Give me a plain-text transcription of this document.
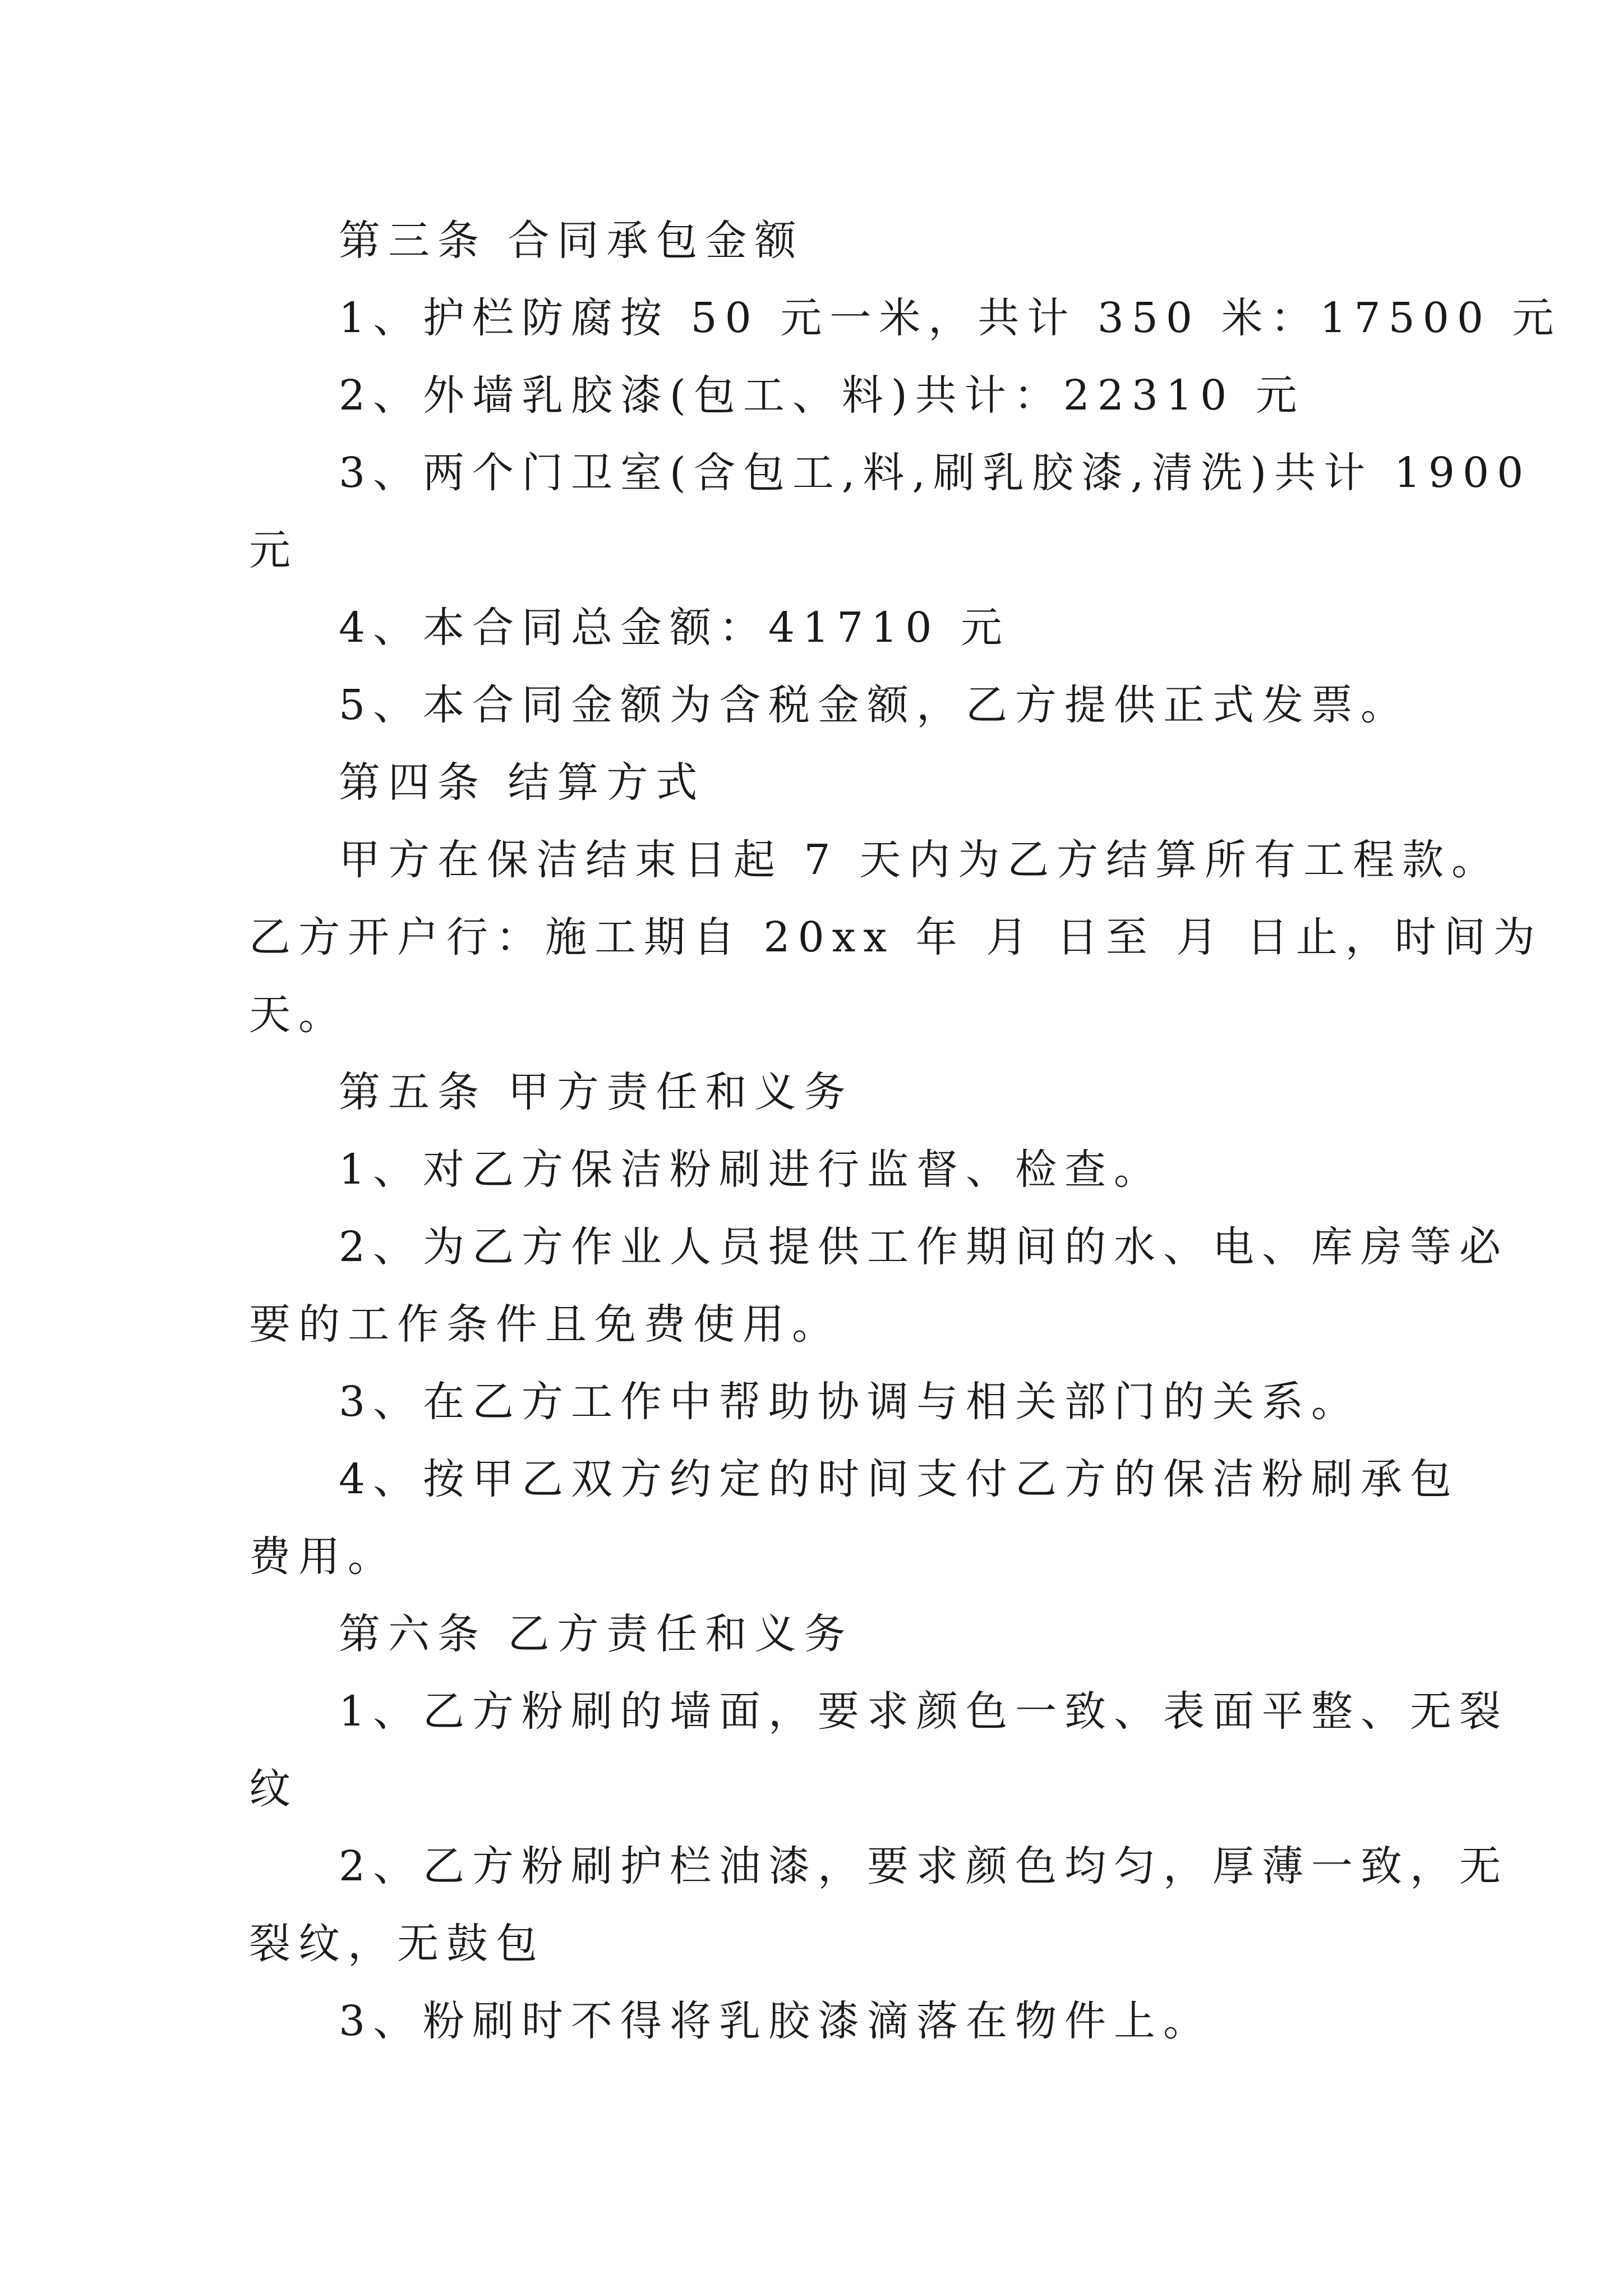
第三条 合同承包金额
1、护栏防腐按 50 元一米，共计 350 米：17500 元
2、外墙乳胶漆(包工、料)共计：22310 元
3、两个门卫室(含包工,料,刷乳胶漆,清洗)共计 1900
元
4、本合同总金额：41710 元
5、本合同金额为含税金额，乙方提供正式发票。
第四条 结算方式
甲方在保洁结束日起 7 天内为乙方结算所有工程款。
乙方开户行：施工期自 20xx 年 月 日至 月 日止，时间为
天。
第五条 甲方责任和义务
1、对乙方保洁粉刷进行监督、检查。
2、为乙方作业人员提供工作期间的水、电、库房等必
要的工作条件且免费使用。
3、在乙方工作中帮助协调与相关部门的关系。
4、按甲乙双方约定的时间支付乙方的保洁粉刷承包
费用。
第六条 乙方责任和义务
1、乙方粉刷的墙面，要求颜色一致、表面平整、无裂
纹
2、乙方粉刷护栏油漆，要求颜色均匀，厚薄一致，无
裂纹，无鼓包
3、粉刷时不得将乳胶漆滴落在物件上。
